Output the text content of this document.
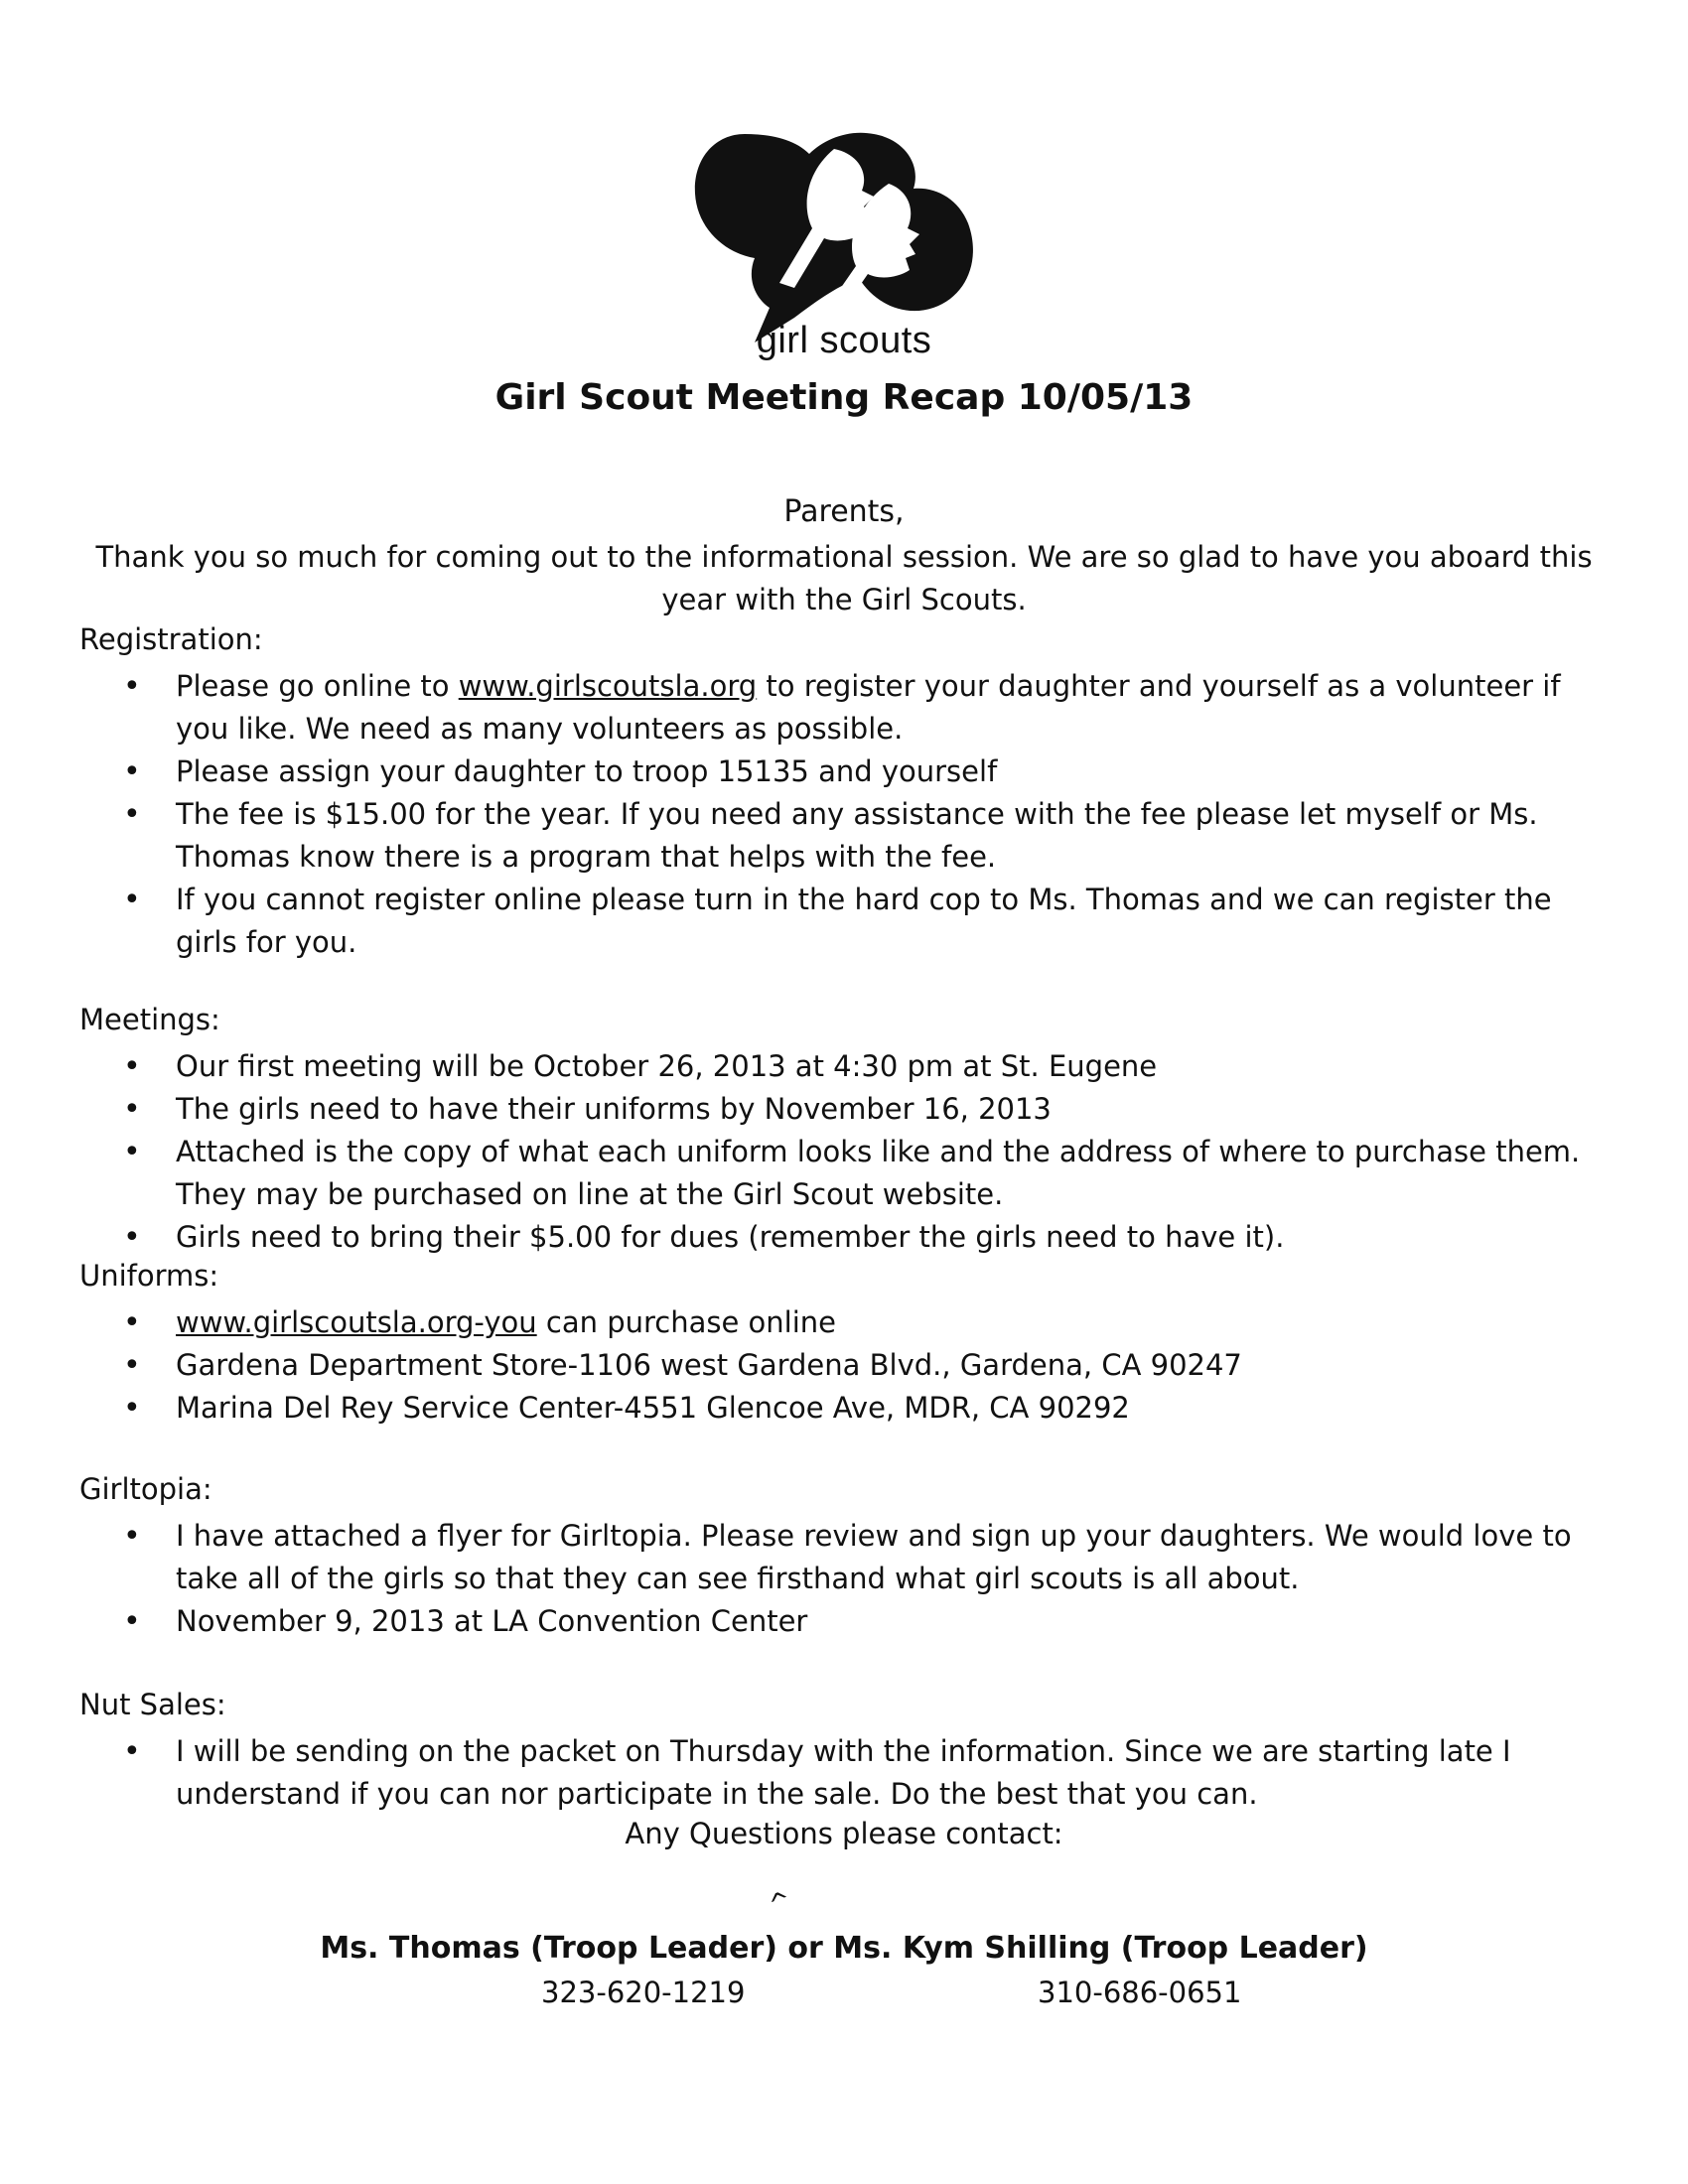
girl scouts
Girl Scout Meeting Recap 10/05/13
Parents,
Thank you so much for coming out to the informational session. We are so glad to have you aboard this year with the Girl Scouts.
Registration:
• Please go online to www.girlscoutsla.org to register your daughter and yourself as a volunteer if you like. We need as many volunteers as possible.
• Please assign your daughter to troop 15135 and yourself
• The fee is $15.00 for the year. If you need any assistance with the fee please let myself or Ms. Thomas know there is a program that helps with the fee.
• If you cannot register online please turn in the hard cop to Ms. Thomas and we can register the girls for you.
Meetings:
• Our first meeting will be October 26, 2013 at 4:30 pm at St. Eugene
• The girls need to have their uniforms by November 16, 2013
• Attached is the copy of what each uniform looks like and the address of where to purchase them. They may be purchased on line at the Girl Scout website.
• Girls need to bring their $5.00 for dues (remember the girls need to have it).
Uniforms:
• www.girlscoutsla.org-you can purchase online
• Gardena Department Store-1106 west Gardena Blvd., Gardena, CA 90247
• Marina Del Rey Service Center-4551 Glencoe Ave, MDR, CA 90292
Girltopia:
• I have attached a flyer for Girltopia. Please review and sign up your daughters. We would love to take all of the girls so that they can see firsthand what girl scouts is all about.
• November 9, 2013 at LA Convention Center
Nut Sales:
• I will be sending on the packet on Thursday with the information. Since we are starting late I understand if you can nor participate in the sale. Do the best that you can.
Any Questions please contact:
^
Ms. Thomas (Troop Leader) or Ms. Kym Shilling (Troop Leader)
323-620-1219	310-686-0651
